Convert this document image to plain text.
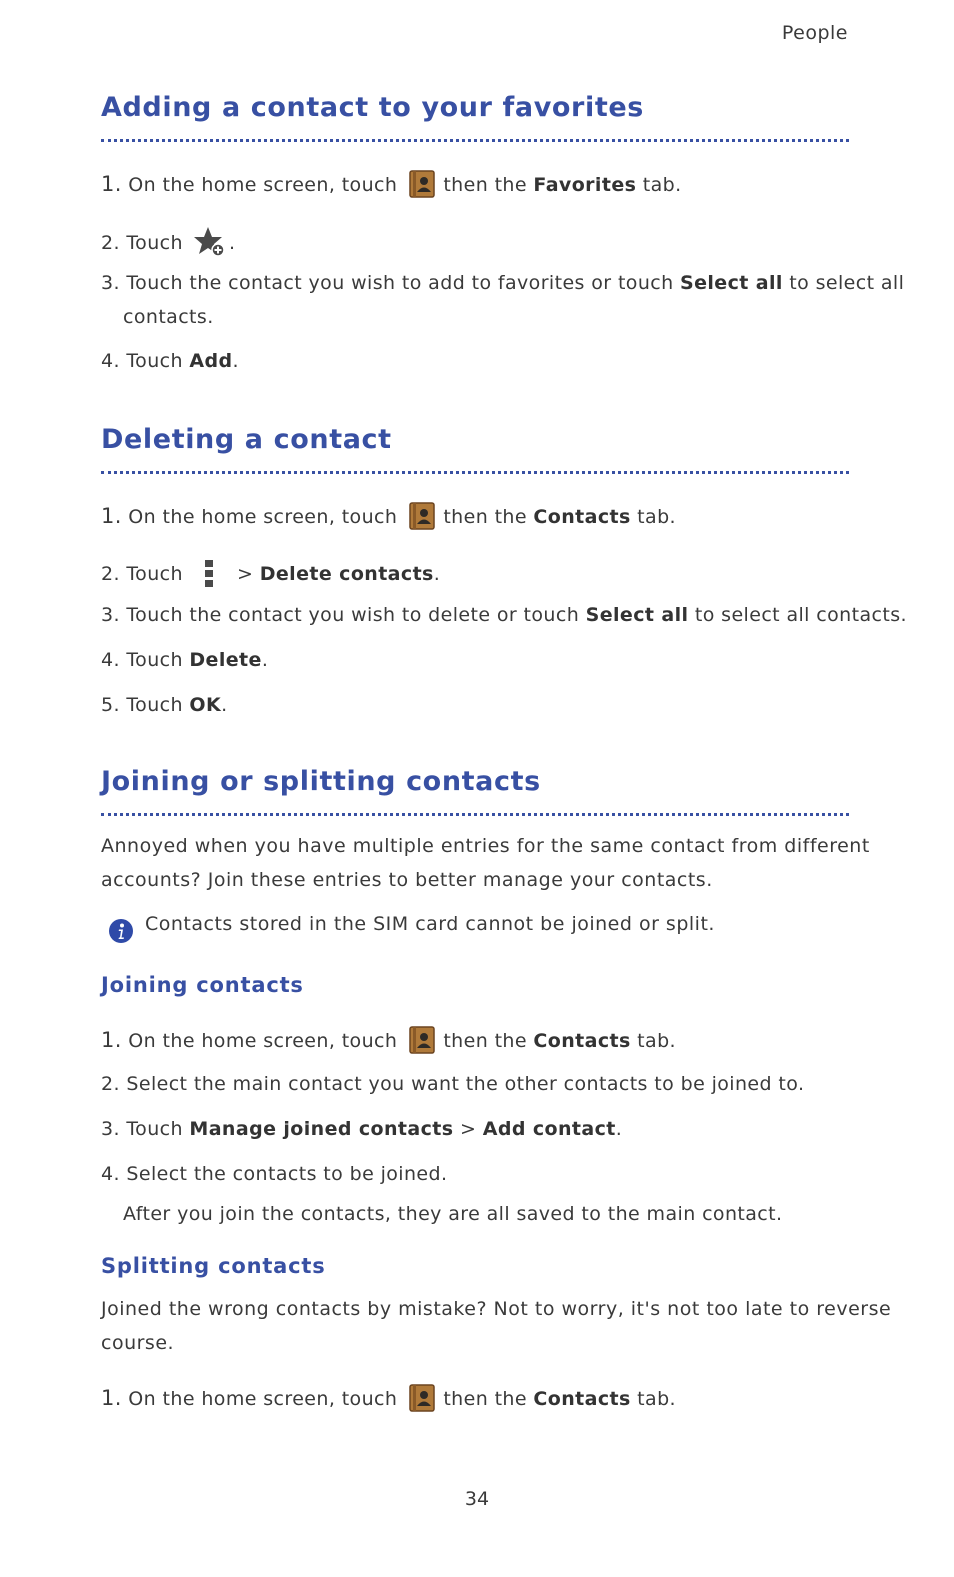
People
Adding a contact to your favorites
1. On the home screen, touch then the Favorites tab.
2. Touch .
3. Touch the contact you wish to add to favorites or touch Select all to select all
contacts.
4. Touch Add.
Deleting a contact
1. On the home screen, touch then the Contacts tab.
2. Touch	> Delete contacts.
3. Touch the contact you wish to delete or touch Select all to select all contacts.
4. Touch Delete.
5. Touch OK.
Joining or splitting contacts
Annoyed when you have multiple entries for the same contact from different
accounts? Join these entries to better manage your contacts.
Contacts stored in the SIM card cannot be joined or split.
Joining contacts
1. On the home screen, touch then the Contacts tab.
2. Select the main contact you want the other contacts to be joined to.
3. Touch Manage joined contacts > Add contact.
4. Select the contacts to be joined.
After you join the contacts, they are all saved to the main contact.
Splitting contacts
Joined the wrong contacts by mistake? Not to worry, it's not too late to reverse
course.
1. On the home screen, touch then the Contacts tab.
34
